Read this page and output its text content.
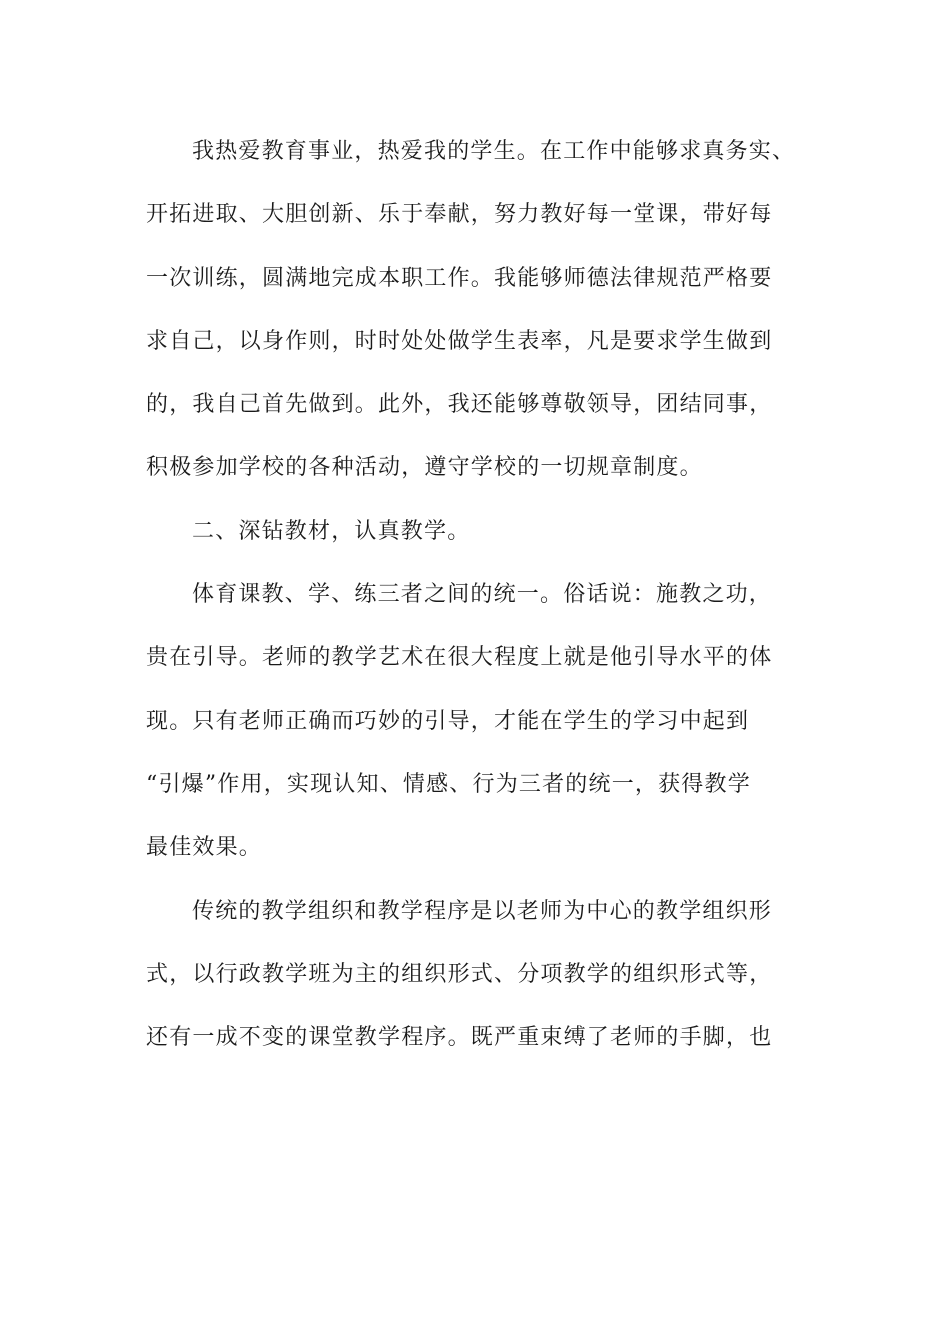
我热爱教育事业，热爱我的学生。在工作中能够求真务实、
开拓进取、大胆创新、乐于奉献，努力教好每一堂课，带好每
一次训练，圆满地完成本职工作。我能够师德法律规范严格要
求自己，以身作则，时时处处做学生表率，凡是要求学生做到
的，我自己首先做到。此外，我还能够尊敬领导，团结同事，
积极参加学校的各种活动，遵守学校的一切规章制度。
二、深钻教材，认真教学。
体育课教、学、练三者之间的统一。俗话说：施教之功，
贵在引导。老师的教学艺术在很大程度上就是他引导水平的体
现。只有老师正确而巧妙的引导，才能在学生的学习中起到
“引爆”作用，实现认知、情感、行为三者的统一，获得教学
最佳效果。
传统的教学组织和教学程序是以老师为中心的教学组织形
式，以行政教学班为主的组织形式、分项教学的组织形式等，
还有一成不变的课堂教学程序。既严重束缚了老师的手脚，也
